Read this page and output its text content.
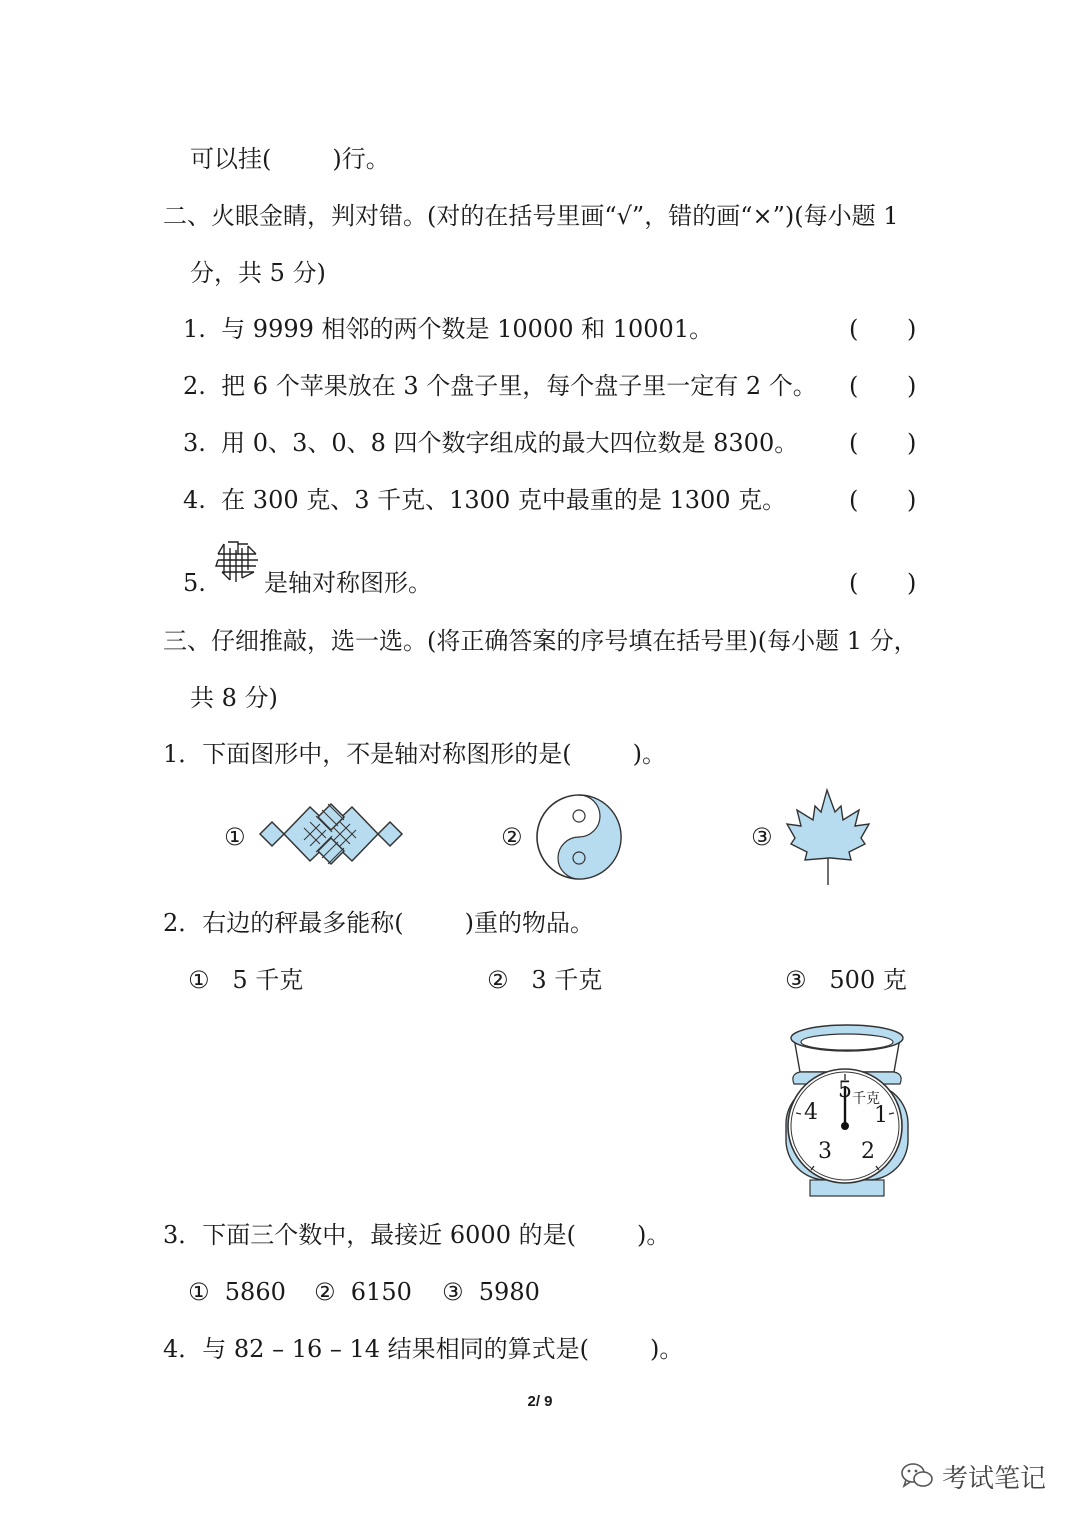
可以挂(        )行。
二、火眼金睛，判对错。(对的在括号里画“√”，错的画“×”)(每小题 1
分，共 5 分)
1. 与 9999 相邻的两个数是 10000 和 10001。
2. 把 6 个苹果放在 3 个盘子里，每个盘子里一定有 2 个。
3. 用 0、3、0、8 四个数字组成的最大四位数是 8300。
4. 在 300 克、3 千克、1300 克中最重的是 1300 克。
5. 是轴对称图形。
( )
( )
( )
( )
( )
三、仔细推敲，选一选。(将正确答案的序号填在括号里)(每小题 1 分，
共 8 分)
1．下面图形中，不是轴对称图形的是(        )。
①	②	③
2．右边的秤最多能称(        )重的物品。
① 5 千克	② 3 千克	③ 500 克
5 千克
1
2
3
4
3．下面三个数中，最接近 6000 的是(        )。
① 5860 ② 6150 ③ 5980
4．与 82 – 16 – 14 结果相同的算式是(        )。
2/ 9
考试笔记
